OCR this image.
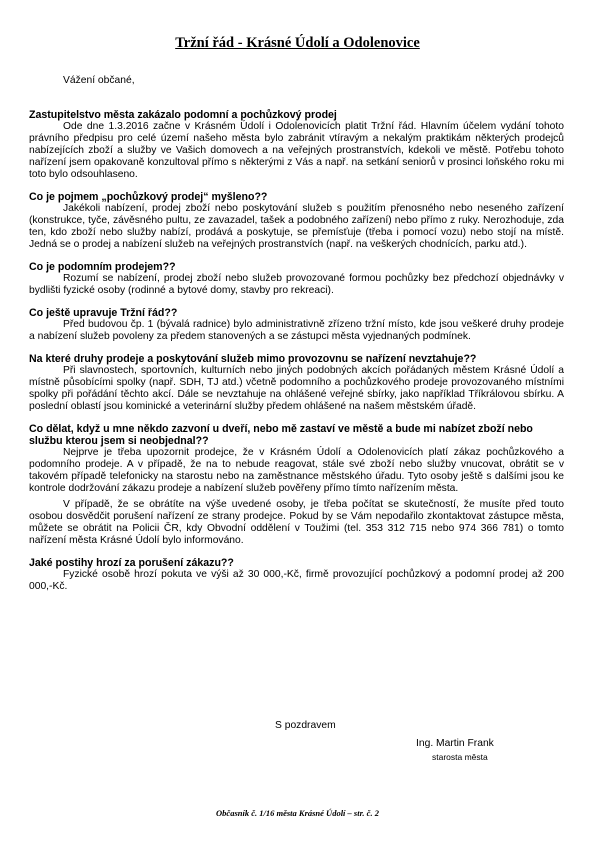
Tržní řád - Krásné Údolí a Odolenovice
Vážení občané,
Zastupitelstvo města zakázalo podomní a pochůzkový prodej
Ode dne 1.3.2016 začne v Krásném Údolí i Odolenovicích platit Tržní řád. Hlavním účelem vydání tohoto právního předpisu pro celé území našeho města bylo zabránit vtíravým a nekalým praktikám některých prodejců nabízejících zboží a služby ve Vašich domovech a na veřejných prostranstvích, kdekoli ve městě. Potřebu tohoto nařízení jsem opakovaně konzultoval přímo s některými z Vás a např. na setkání seniorů v prosinci loňského roku mi toto bylo odsouhlaseno.
Co je pojmem „pochůzkový prodej“ myšleno??
Jakékoli nabízení, prodej zboží nebo poskytování služeb s použitím přenosného nebo neseného zařízení (konstrukce, tyče, závěsného pultu, ze zavazadel, tašek a podobného zařízení) nebo přímo z ruky. Nerozhoduje, zda ten, kdo zboží nebo služby nabízí, prodává a poskytuje, se přemísťuje (třeba i pomocí vozu) nebo stojí na místě. Jedná se o prodej a nabízení služeb na veřejných prostranstvích (např. na veškerých chodnících, parku atd.).
Co je podomním prodejem??
Rozumí se nabízení, prodej zboží nebo služeb provozované formou pochůzky bez předchozí objednávky v bydlišti fyzické osoby (rodinné a bytové domy, stavby pro rekreaci).
Co ještě upravuje Tržní řád??
Před budovou čp. 1 (bývalá radnice) bylo administrativně zřízeno tržní místo, kde jsou veškeré druhy prodeje a nabízení služeb povoleny za předem stanovených a se zástupci města vyjednaných podmínek.
Na které druhy prodeje a poskytování služeb mimo provozovnu se nařízení nevztahuje??
Při slavnostech, sportovních, kulturních nebo jiných podobných akcích pořádaných městem Krásné Údolí a místně působícími spolky (např. SDH, TJ atd.) včetně podomního a pochůzkového prodeje provozovaného místními spolky při pořádání těchto akcí. Dále se nevztahuje na ohlášené veřejné sbírky, jako například Tříkrálovou sbírku. A poslední oblastí jsou kominické a veterinární služby předem ohlášené na našem městském úřadě.
Co dělat, když u mne někdo zazvoní u dveří, nebo mě zastaví ve městě a bude mi nabízet zboží nebo službu kterou jsem si neobjednal??
Nejprve je třeba upozornit prodejce, že v Krásném Údolí a Odolenovicích platí zákaz pochůzkového a podomního prodeje. A v případě, že na to nebude reagovat, stále své zboží nebo služby vnucovat, obrátit se v takovém případě telefonicky na starostu nebo na zaměstnance městského úřadu. Tyto osoby ještě s dalšími jsou ke kontrole dodržování zákazu prodeje a nabízení služeb pověřeny přímo tímto nařízením města.
V případě, že se obrátíte na výše uvedené osoby, je třeba počítat se skutečností, že musíte před touto osobou dosvědčit porušení nařízení ze strany prodejce. Pokud by se Vám nepodařilo zkontaktovat zástupce města, můžete se obrátit na Policii ČR, kdy Obvodní oddělení v Toužimi (tel. 353 312 715 nebo 974 366 781) o tomto nařízení města Krásné Údolí bylo informováno.
Jaké postihy hrozí za porušení zákazu??
Fyzické osobě hrozí pokuta ve výši až 30 000,-Kč, firmě provozující pochůzkový a podomní prodej až 200 000,-Kč.
S pozdravem
Ing. Martin Frank
starosta města
Občasník č. 1/16 města Krásné Údolí – str. č. 2
